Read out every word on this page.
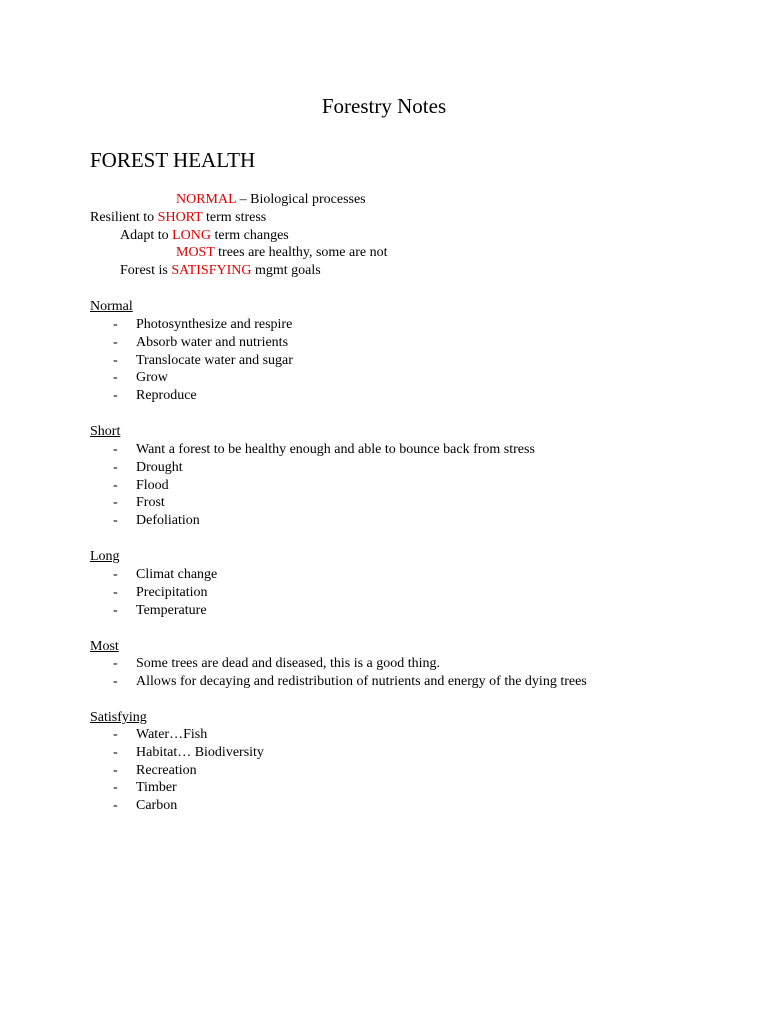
Forestry Notes
FOREST HEALTH
NORMAL – Biological processes
Resilient to SHORT term stress
Adapt to LONG term changes
MOST trees are healthy, some are not
Forest is SATISFYING mgmt goals
Normal
- Photosynthesize and respire
- Absorb water and nutrients
- Translocate water and sugar
- Grow
- Reproduce
Short
- Want a forest to be healthy enough and able to bounce back from stress
- Drought
- Flood
- Frost
- Defoliation
Long
- Climat change
- Precipitation
- Temperature
Most
- Some trees are dead and diseased, this is a good thing.
- Allows for decaying and redistribution of nutrients and energy of the dying trees
Satisfying
- Water…Fish
- Habitat… Biodiversity
- Recreation
- Timber
- Carbon
